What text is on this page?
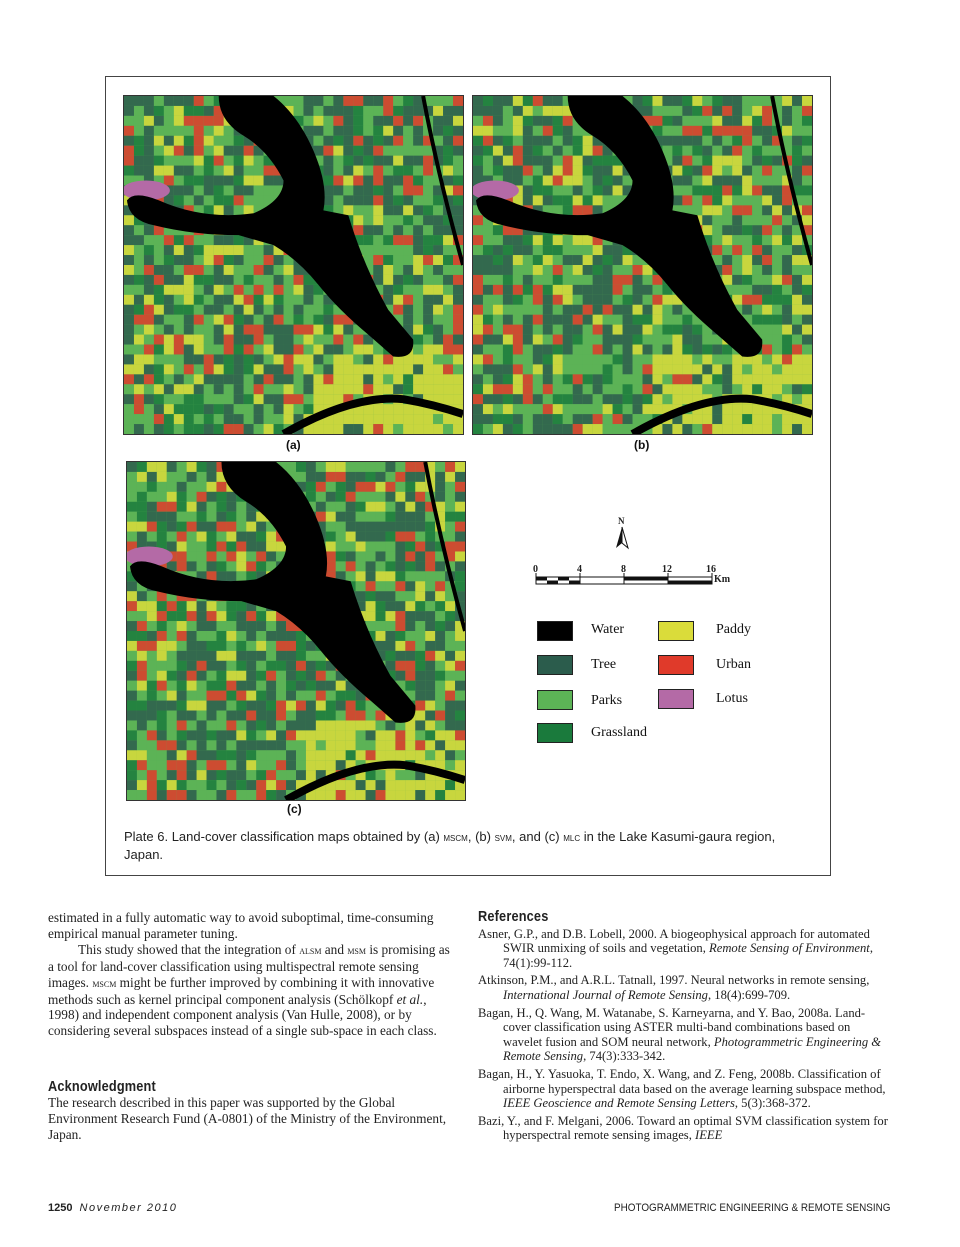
(a)	(b)
(c)
N
0	4	8	12	16
Km
Water
Tree
Parks
Grassland
Paddy
Urban
Lotus
Plate 6. Land-cover classification maps obtained by (a) mscm, (b) svm, and (c) mlc in the Lake Kasumi-gaura region, Japan.

estimated in a fully automatic way to avoid suboptimal, time-consuming empirical manual parameter tuning.

This study showed that the integration of alsm and msm is promising as a tool for land-cover classification using multispectral remote sensing images. mscm might be further improved by combining it with innovative methods such as kernel principal component analysis (Schölkopf et al., 1998) and independent component analysis (Van Hulle, 2008), or by considering several subspaces instead of a single sub-space in each class.

Acknowledgment

The research described in this paper was supported by the Global Environment Research Fund (A-0801) of the Ministry of the Environment, Japan.

References
Asner, G.P., and D.B. Lobell, 2000. A biogeophysical approach for automated SWIR unmixing of soils and vegetation, Remote Sensing of Environment, 74(1):99-112.
Atkinson, P.M., and A.R.L. Tatnall, 1997. Neural networks in remote sensing, International Journal of Remote Sensing, 18(4):699-709.
Bagan, H., Q. Wang, M. Watanabe, S. Karneyarna, and Y. Bao, 2008a. Land-cover classification using ASTER multi-band combinations based on wavelet fusion and SOM neural network, Photogrammetric Engineering & Remote Sensing, 74(3):333-342.
Bagan, H., Y. Yasuoka, T. Endo, X. Wang, and Z. Feng, 2008b. Classification of airborne hyperspectral data based on the average learning subspace method, IEEE Geoscience and Remote Sensing Letters, 5(3):368-372.
Bazi, Y., and F. Melgani, 2006. Toward an optimal SVM classification system for hyperspectral remote sensing images, IEEE
1250 November 2010	PHOTOGRAMMETRIC ENGINEERING & REMOTE SENSING
